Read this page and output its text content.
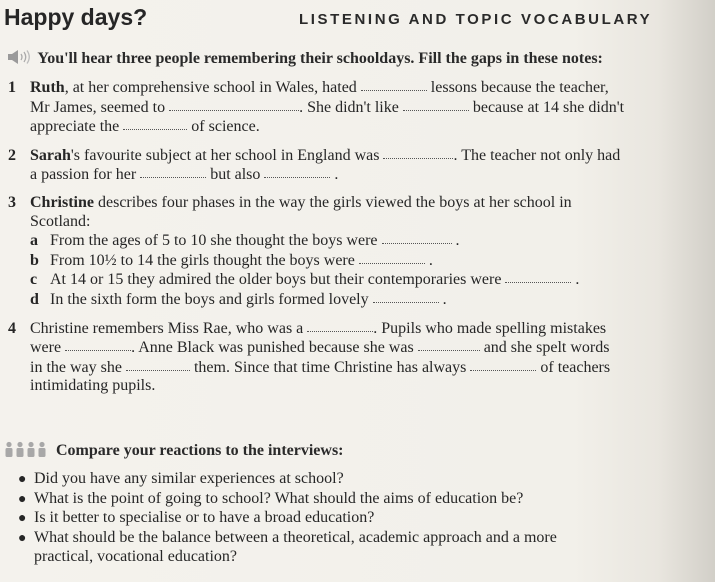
Happy days?	LISTENING AND TOPIC VOCABULARY
You'll hear three people remembering their schooldays. Fill the gaps in these notes:
1 Ruth, at her comprehensive school in Wales, hated	lessons because the teacher,
Mr James, seemed to	. She didn't like	because at 14 she didn't
appreciate the	of science.
2 Sarah's favourite subject at her school in England was	. The teacher not only had
a passion for her	but also	.
3 Christine describes four phases in the way the girls viewed the boys at her school in
Scotland:
a From the ages of 5 to 10 she thought the boys were	.
b From 10½ to 14 the girls thought the boys were	.
c At 14 or 15 they admired the older boys but their contemporaries were	.
d In the sixth form the boys and girls formed lovely	.
4 Christine remembers Miss Rae, who was a	. Pupils who made spelling mistakes
were	. Anne Black was punished because she was	and she spelt words
in the way she	them. Since that time Christine has always	of teachers
intimidating pupils.
Compare your reactions to the interviews:
● Did you have any similar experiences at school?
● What is the point of going to school? What should the aims of education be?
● Is it better to specialise or to have a broad education?
● What should be the balance between a theoretical, academic approach and a more
practical, vocational education?
